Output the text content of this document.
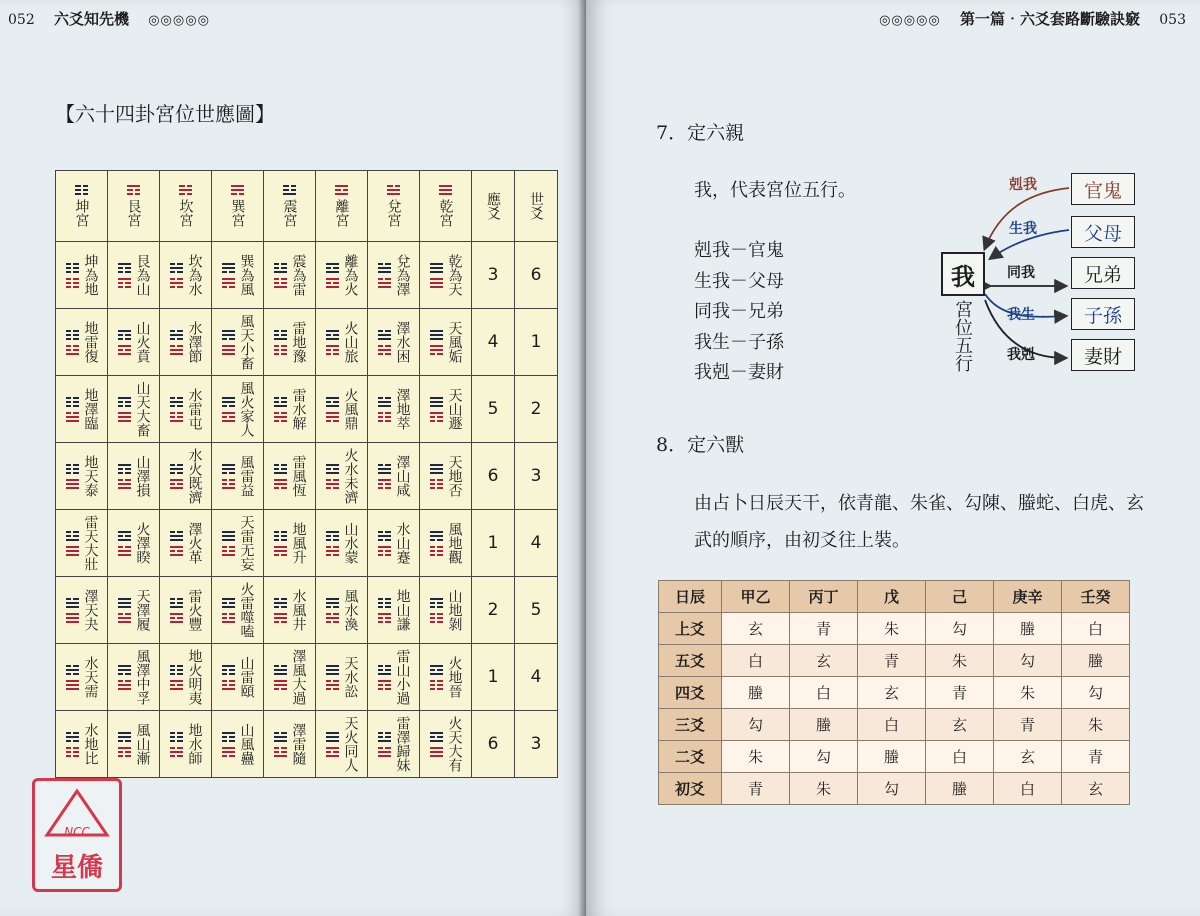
052 六爻知先機 ◎◎◎◎◎
【六十四卦宮位世應圖】
坤宮	艮宮	坎宮	巽宮	震宮	離宮	兌宮	乾宮	應爻	世爻

坤為地	艮為山	坎為水	巽為風	震為雷	離為火	兌為澤	乾為天	3	6

地雷復	山火賁	水澤節	風天小畜	雷地豫	火山旅	澤水困	天風姤	4	1

地澤臨	山天大畜	水雷屯	風火家人	雷水解	火風鼎	澤地萃	天山遯	5	2

地天泰	山澤損	水火既濟	風雷益	雷風恆	火水未濟	澤山咸	天地否	6	3

雷天大壯	火澤睽	澤火革	天雷无妄	地風升	山水蒙	水山蹇	風地觀	1	4

澤天夬	天澤履	雷火豐	火雷噬嗑	水風井	風水渙	地山謙	山地剝	2	5

水天需	風澤中孚	地火明夷	山雷頤	澤風大過	天水訟	雷山小過	火地晉	1	4

水地比	風山漸	地水師	山風蠱	澤雷隨	天火同人	雷澤歸妹	火天大有	6	3
NCC
星僑
◎◎◎◎◎ 第一篇‧六爻套路斷驗訣竅 053
7．定六親
我，代表宮位五行。
剋我－官鬼
生我－父母
同我－兄弟
我生－子孫
我剋－妻財
我
宮位五行
剋我
生我
同我
我生
我剋
官鬼
父母
兄弟
子孫
妻財
8．定六獸
由占卜日辰天干，依青龍、朱雀、勾陳、螣蛇、白虎、玄武的順序，由初爻往上裝。
日辰	甲乙	丙丁	戊	己	庚辛	壬癸
上爻	玄	青	朱	勾	螣	白
五爻	白	玄	青	朱	勾	螣
四爻	螣	白	玄	青	朱	勾
三爻	勾	螣	白	玄	青	朱
二爻	朱	勾	螣	白	玄	青
初爻	青	朱	勾	螣	白	玄
